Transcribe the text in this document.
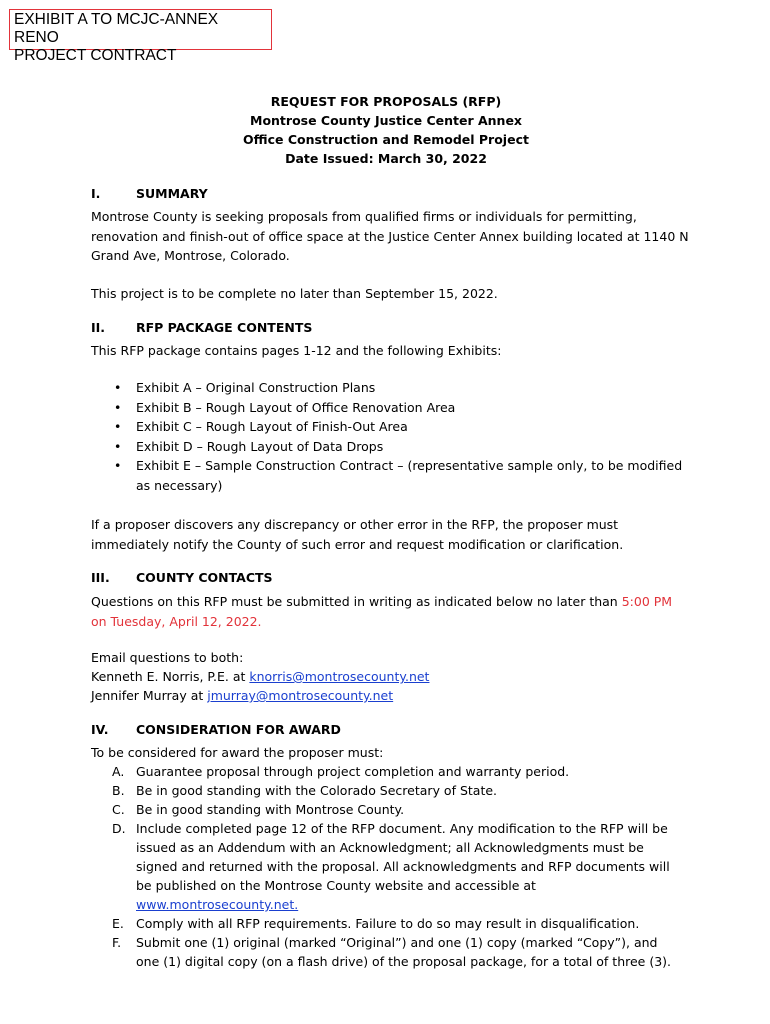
EXHIBIT A TO MCJC-ANNEX RENO
PROJECT CONTRACT
REQUEST FOR PROPOSALS (RFP)
Montrose County Justice Center Annex
Office Construction and Remodel Project
Date Issued: March 30, 2022
I.	SUMMARY

Montrose County is seeking proposals from qualified firms or individuals for permitting, renovation and finish-out of office space at the Justice Center Annex building located at 1140 N Grand Ave, Montrose, Colorado.

This project is to be complete no later than September 15, 2022.

II. RFP PACKAGE CONTENTS

This RFP package contains pages 1-12 and the following Exhibits:

• Exhibit A – Original Construction Plans
• Exhibit B – Rough Layout of Office Renovation Area
• Exhibit C – Rough Layout of Finish-Out Area
• Exhibit D – Rough Layout of Data Drops
• Exhibit E – Sample Construction Contract – (representative sample only, to be modified as necessary)

If a proposer discovers any discrepancy or other error in the RFP, the proposer must immediately notify the County of such error and request modification or clarification.

III. COUNTY CONTACTS

Questions on this RFP must be submitted in writing as indicated below no later than 5:00 PM on Tuesday, April 12, 2022.

Email questions to both:

Kenneth E. Norris, P.E. at knorris@montrosecounty.net

Jennifer Murray at jmurray@montrosecounty.net

IV. CONSIDERATION FOR AWARD

To be considered for award the proposer must:

A. Guarantee proposal through project completion and warranty period.
B. Be in good standing with the Colorado Secretary of State.
C. Be in good standing with Montrose County.
D. Include completed page 12 of the RFP document. Any modification to the RFP will be issued as an Addendum with an Acknowledgment; all Acknowledgments must be signed and returned with the proposal. All acknowledgments and RFP documents will be published on the Montrose County website and accessible at www.montrosecounty.net.
E. Comply with all RFP requirements. Failure to do so may result in disqualification.
F. Submit one (1) original (marked “Original”) and one (1) copy (marked “Copy”), and one (1) digital copy (on a flash drive) of the proposal package, for a total of three (3).
